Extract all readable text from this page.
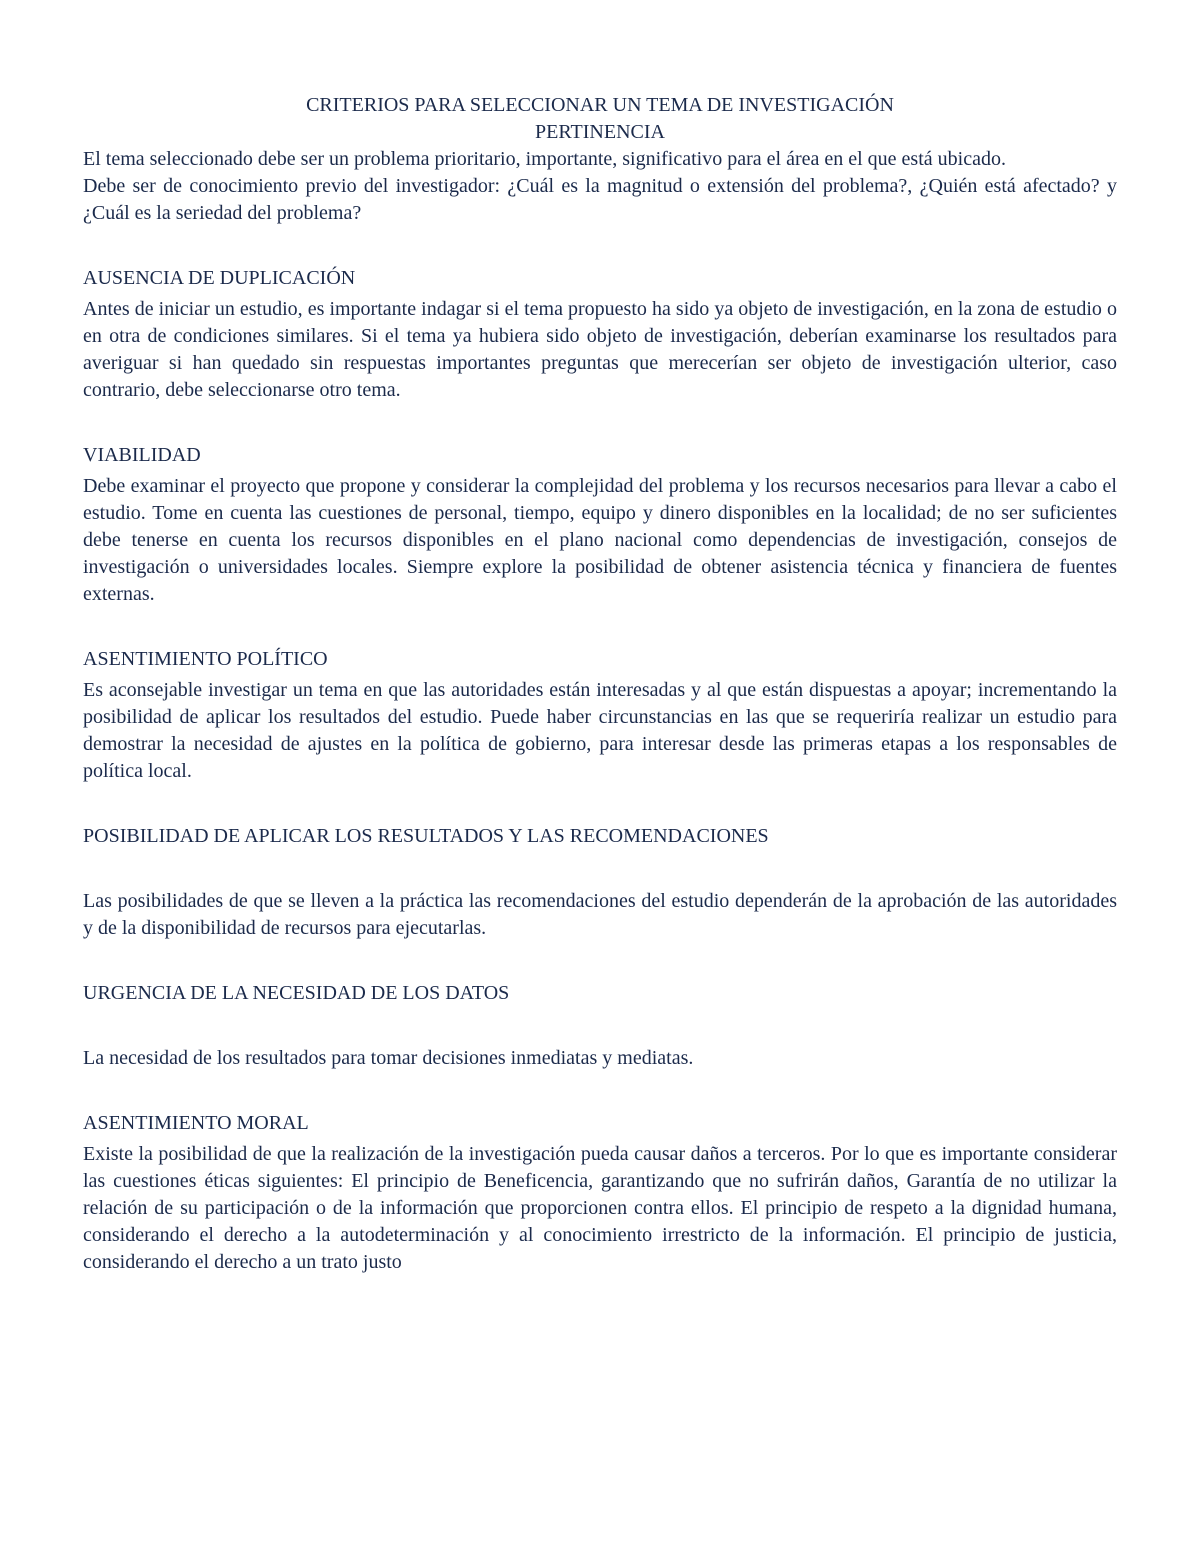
CRITERIOS PARA SELECCIONAR UN TEMA DE INVESTIGACIÓN
PERTINENCIA

El tema seleccionado debe ser un problema prioritario, importante, significativo para el área en el que está ubicado.

Debe ser de conocimiento previo del investigador: ¿Cuál es la magnitud o extensión del problema?, ¿Quién está afectado? y ¿Cuál es la seriedad del problema?

AUSENCIA DE DUPLICACIÓN

Antes de iniciar un estudio, es importante indagar si el tema propuesto ha sido ya objeto de investigación, en la zona de estudio o en otra de condiciones similares. Si el tema ya hubiera sido objeto de investigación, deberían examinarse los resultados para averiguar si han quedado sin respuestas importantes preguntas que merecerían ser objeto de investigación ulterior, caso contrario, debe seleccionarse otro tema.

VIABILIDAD

Debe examinar el proyecto que propone y considerar la complejidad del problema y los recursos necesarios para llevar a cabo el estudio. Tome en cuenta las cuestiones de personal, tiempo, equipo y dinero disponibles en la localidad; de no ser suficientes debe tenerse en cuenta los recursos disponibles en el plano nacional como dependencias de investigación, consejos de investigación o universidades locales. Siempre explore la posibilidad de obtener asistencia técnica y financiera de fuentes externas.

ASENTIMIENTO POLÍTICO

Es aconsejable investigar un tema en que las autoridades están interesadas y al que están dispuestas a apoyar; incrementando la posibilidad de aplicar los resultados del estudio. Puede haber circunstancias en las que se requeriría realizar un estudio para demostrar la necesidad de ajustes en la política de gobierno, para interesar desde las primeras etapas a los responsables de política local.

POSIBILIDAD DE APLICAR LOS RESULTADOS Y LAS RECOMENDACIONES

Las posibilidades de que se lleven a la práctica las recomendaciones del estudio dependerán de la aprobación de las autoridades y de la disponibilidad de recursos para ejecutarlas.

URGENCIA DE LA NECESIDAD DE LOS DATOS

La necesidad de los resultados para tomar decisiones inmediatas y mediatas.

ASENTIMIENTO MORAL

Existe la posibilidad de que la realización de la investigación pueda causar daños a terceros. Por lo que es importante considerar las cuestiones éticas siguientes: El principio de Beneficencia, garantizando que no sufrirán daños, Garantía de no utilizar la relación de su participación o de la información que proporcionen contra ellos. El principio de respeto a la dignidad humana, considerando el derecho a la autodeterminación y al conocimiento irrestricto de la información. El principio de justicia, considerando el derecho a un trato justo
